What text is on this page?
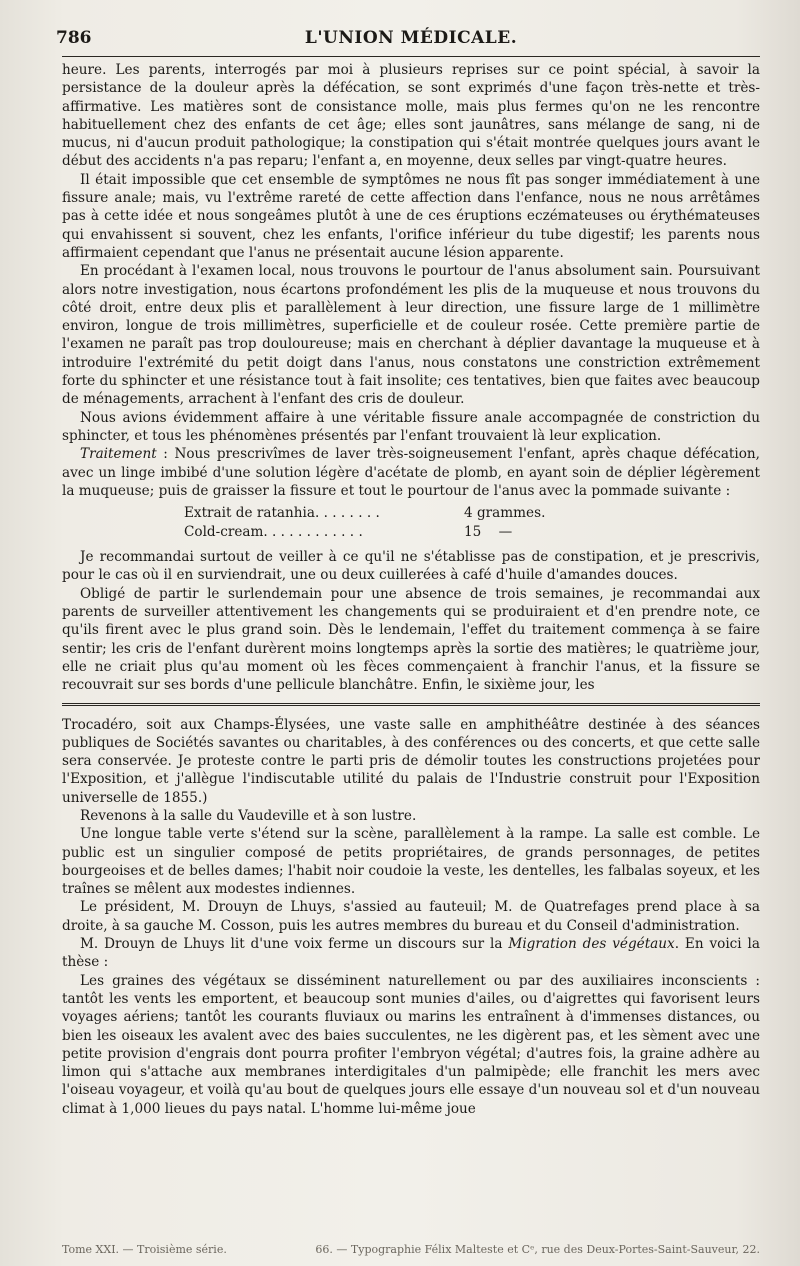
786	L'UNION MÉDICALE.

heure. Les parents, interrogés par moi à plusieurs reprises sur ce point spécial, à savoir la persistance de la douleur après la défécation, se sont exprimés d'une façon très-nette et très-affirmative. Les matières sont de consistance molle, mais plus fermes qu'on ne les rencontre habituellement chez des enfants de cet âge; elles sont jaunâtres, sans mélange de sang, ni de mucus, ni d'aucun produit pathologique; la constipation qui s'était montrée quelques jours avant le début des accidents n'a pas reparu; l'enfant a, en moyenne, deux selles par vingt-quatre heures.

Il était impossible que cet ensemble de symptômes ne nous fît pas songer immédiatement à une fissure anale; mais, vu l'extrême rareté de cette affection dans l'enfance, nous ne nous arrêtâmes pas à cette idée et nous songeâmes plutôt à une de ces éruptions eczémateuses ou érythémateuses qui envahissent si souvent, chez les enfants, l'orifice inférieur du tube digestif; les parents nous affirmaient cependant que l'anus ne présentait aucune lésion apparente.

En procédant à l'examen local, nous trouvons le pourtour de l'anus absolument sain. Poursuivant alors notre investigation, nous écartons profondément les plis de la muqueuse et nous trouvons du côté droit, entre deux plis et parallèlement à leur direction, une fissure large de 1 millimètre environ, longue de trois millimètres, superficielle et de couleur rosée. Cette première partie de l'examen ne paraît pas trop douloureuse; mais en cherchant à déplier davantage la muqueuse et à introduire l'extrémité du petit doigt dans l'anus, nous constatons une constriction extrêmement forte du sphincter et une résistance tout à fait insolite; ces tentatives, bien que faites avec beaucoup de ménagements, arrachent à l'enfant des cris de douleur.

Nous avions évidemment affaire à une véritable fissure anale accompagnée de constriction du sphincter, et tous les phénomènes présentés par l'enfant trouvaient là leur explication.

Traitement : Nous prescrivîmes de laver très-soigneusement l'enfant, après chaque défécation, avec un linge imbibé d'une solution légère d'acétate de plomb, en ayant soin de déplier légèrement la muqueuse; puis de graisser la fissure et tout le pourtour de l'anus avec la pommade suivante :

Extrait de ratanhia. . . . . . . .	4 grammes.
Cold-cream. . . . . . . . . . . .	15    —

Je recommandai surtout de veiller à ce qu'il ne s'établisse pas de constipation, et je prescrivis, pour le cas où il en surviendrait, une ou deux cuillerées à café d'huile d'amandes douces.

Obligé de partir le surlendemain pour une absence de trois semaines, je recommandai aux parents de surveiller attentivement les changements qui se produiraient et d'en prendre note, ce qu'ils firent avec le plus grand soin. Dès le lendemain, l'effet du traitement commença à se faire sentir; les cris de l'enfant durèrent moins longtemps après la sortie des matières; le quatrième jour, elle ne criait plus qu'au moment où les fèces commençaient à franchir l'anus, et la fissure se recouvrait sur ses bords d'une pellicule blanchâtre. Enfin, le sixième jour, les

Trocadéro, soit aux Champs-Élysées, une vaste salle en amphithéâtre destinée à des séances publiques de Sociétés savantes ou charitables, à des conférences ou des concerts, et que cette salle sera conservée. Je proteste contre le parti pris de démolir toutes les constructions projetées pour l'Exposition, et j'allègue l'indiscutable utilité du palais de l'Industrie construit pour l'Exposition universelle de 1855.)

Revenons à la salle du Vaudeville et à son lustre.

Une longue table verte s'étend sur la scène, parallèlement à la rampe. La salle est comble. Le public est un singulier composé de petits propriétaires, de grands personnages, de petites bourgeoises et de belles dames; l'habit noir coudoie la veste, les dentelles, les falbalas soyeux, et les traînes se mêlent aux modestes indiennes.

Le président, M. Drouyn de Lhuys, s'assied au fauteuil; M. de Quatrefages prend place à sa droite, à sa gauche M. Cosson, puis les autres membres du bureau et du Conseil d'administration.

M. Drouyn de Lhuys lit d'une voix ferme un discours sur la Migration des végétaux. En voici la thèse :

Les graines des végétaux se disséminent naturellement ou par des auxiliaires inconscients : tantôt les vents les emportent, et beaucoup sont munies d'ailes, ou d'aigrettes qui favorisent leurs voyages aériens; tantôt les courants fluviaux ou marins les entraînent à d'immenses distances, ou bien les oiseaux les avalent avec des baies succulentes, ne les digèrent pas, et les sèment avec une petite provision d'engrais dont pourra profiter l'embryon végétal; d'autres fois, la graine adhère au limon qui s'attache aux membranes interdigitales d'un palmipède; elle franchit les mers avec l'oiseau voyageur, et voilà qu'au bout de quelques jours elle essaye d'un nouveau sol et d'un nouveau climat à 1,000 lieues du pays natal. L'homme lui-même joue

Tome XXI. — Troisième série.	66. — Typographie Félix Malteste et Cᵉ, rue des Deux-Portes-Saint-Sauveur, 22.
